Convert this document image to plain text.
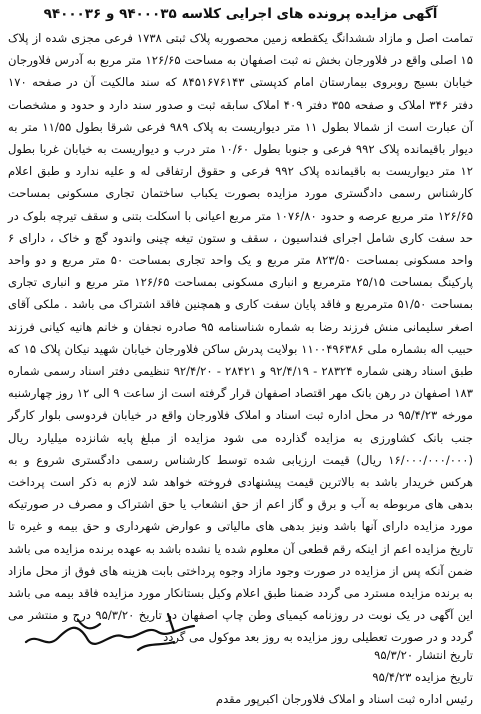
آگهی مزایده پرونده های اجرایی کلاسه ۹۴۰۰۰۳۵ و ۹۴۰۰۰۳۶

تمامت اصل و مازاد ششدانگ یکقطعه زمین محصوربه پلاک ثبتی ۱۷۳۸ فرعی مجزی شده از پلاک ۱۵ اصلی واقع در فلاورجان بخش نه ثبت اصفهان به مساحت ۱۲۶/۶۵ متر مربع به آدرس فلاورجان خیابان بسیج روبروی بیمارستان امام کدپستی ۸۴۵۱۶۷۶۱۴۳ که سند مالکیت آن در صفحه ۱۷۰ دفتر ۳۴۶ املاک و صفحه ۳۵۵ دفتر ۴۰۹ املاک سابقه ثبت و صدور سند دارد و حدود و مشخصات آن عبارت است از شمالا بطول ۱۱ متر دیواریست به پلاک ۹۸۹ فرعی شرقا بطول ۱۱/۵۵ متر به دیوار باقیمانده پلاک ۹۹۲ فرعی و جنوبا بطول ۱۰/۶۰ متر درب و دیواریست به خیابان غربا بطول ۱۲ متر دیواریست به باقیمانده پلاک ۹۹۲ فرعی و حقوق ارتفاقی له و علیه ندارد و طبق اعلام کارشناس رسمی دادگستری مورد مزایده بصورت یکباب ساختمان تجاری مسکونی بمساحت ۱۲۶/۶۵ متر مربع عرصه و حدود ۱۰۷۶/۸۰ متر مربع اعیانی با اسکلت بتنی و سقف تیرچه بلوک در حد سفت کاری شامل اجرای فنداسیون ، سقف و ستون تیغه چینی واندود گچ و خاک ، دارای ۶ واحد مسکونی بمساحت ۸۲۳/۵۰ متر مربع و یک واحد تجاری بمساحت ۵۰ متر مربع و دو واحد پارکینگ بمساحت ۲۵/۱۵ مترمربع و انباری مسکونی بمساحت ۱۲۶/۶۵ متر مربع و انباری تجاری بمساحت ۵۱/۵۰ مترمربع و فاقد پایان سفت کاری و همچنین فاقد اشتراک می باشد . ملکی آقای اصغر سلیمانی منش فرزند رضا به شماره شناسنامه ۹۵ صادره نجفان و خانم هانیه کیانی فرزند حبیب اله بشماره ملی ۱۱۰۰۴۹۶۳۸۶ بولایت پدرش ساکن فلاورجان خیابان شهید نیکان پلاک ۱۵ که طبق اسناد رهنی شماره ۲۸۳۲۴ - ۹۲/۴/۱۹ و ۲۸۴۲۱ - ۹۲/۴/۲۰ تنظیمی دفتر اسناد رسمی شماره ۱۸۳ اصفهان در رهن بانک مهر اقتصاد اصفهان قرار گرفته است از ساعت ۹ الی ۱۲ روز چهارشنبه مورخه ۹۵/۴/۲۳ در محل اداره ثبت اسناد و املاک فلاورجان واقع در خیابان فردوسی بلوار کارگر جنب بانک کشاورزی به مزایده گذارده می شود مزایده از مبلغ پایه شانزده میلیارد ریال (۱۶/۰۰۰/۰۰۰/۰۰۰ ریال) قیمت ارزیابی شده توسط کارشناس رسمی دادگستری شروع و به هرکس خریدار باشد به بالاترین قیمت پیشنهادی فروخته خواهد شد لازم به ذکر است پرداخت بدهی های مربوطه به آب و برق و گاز اعم از حق انشعاب یا حق اشتراک و مصرف در صورتیکه مورد مزایده دارای آنها باشد ونیز بدهی های مالیاتی و عوارض شهرداری و حق بیمه و غیره تا تاریخ مزایده اعم از اینکه رقم قطعی آن معلوم شده یا نشده باشد به عهده برنده مزایده می باشد ضمن آنکه پس از مزایده در صورت وجود مازاد وجوه پرداختی بابت هزینه های فوق از محل مازاد به برنده مزایده مسترد می گردد ضمنا طبق اعلام وکیل بستانکار مورد مزایده فاقد بیمه می باشد این آگهی در یک نوبت در روزنامه کیمیای وطن چاپ اصفهان در تاریخ ۹۵/۳/۲۰ درج و منتشر می گردد و در صورت تعطیلی روز مزایده به روز بعد موکول می گردد

تاریخ انتشار ۹۵/۳/۲۰
تاریخ مزایده ۹۵/۴/۲۳
رئیس اداره ثبت اسناد و املاک فلاورجان اکبرپور مقدم
